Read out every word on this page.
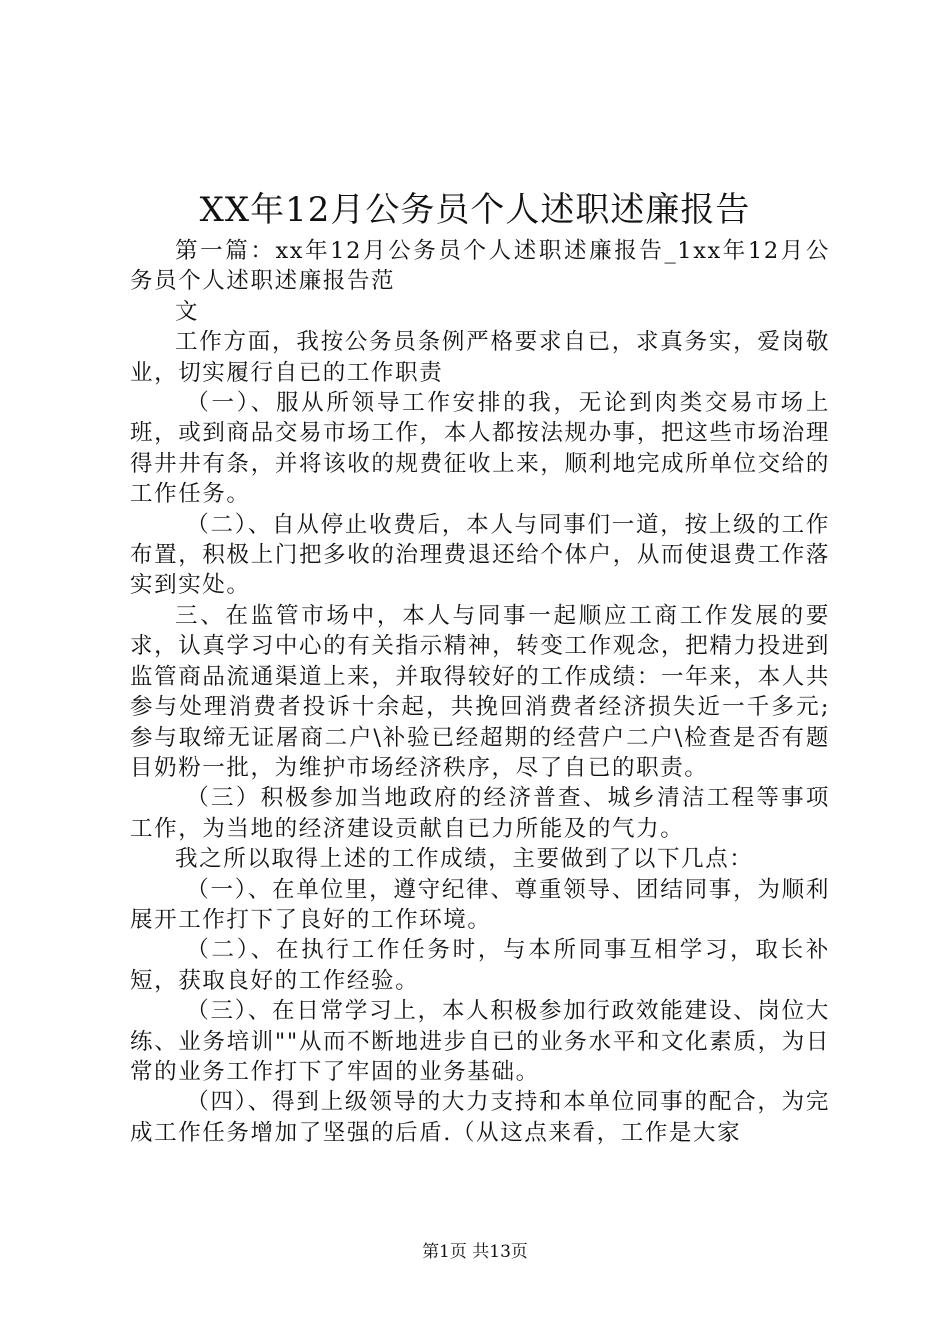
XX年12月公务员个人述职述廉报告

第一篇：xx年12月公务员个人述职述廉报告_1xx年12月公务员个人述职述廉报告范

文

工作方面，我按公务员条例严格要求自已，求真务实，爱岗敬业，切实履行自已的工作职责

（一）、服从所领导工作安排的我，无论到肉类交易市场上班，或到商品交易市场工作，本人都按法规办事，把这些市场治理得井井有条，并将该收的规费征收上来，顺利地完成所单位交给的工作任务。

（二）、自从停止收费后，本人与同事们一道，按上级的工作布置，积极上门把多收的治理费退还给个体户，从而使退费工作落实到实处。

三、在监管市场中，本人与同事一起顺应工商工作发展的要求，认真学习中心的有关指示精神，转变工作观念，把精力投进到监管商品流通渠道上来，并取得较好的工作成绩：一年来，本人共参与处理消费者投诉十余起，共挽回消费者经济损失近一千多元;参与取缔无证屠商二户\补验已经超期的经营户二户\检查是否有题目奶粉一批，为维护市场经济秩序，尽了自已的职责。

（三）积极参加当地政府的经济普查、城乡清洁工程等事项工作，为当地的经济建设贡献自已力所能及的气力。

我之所以取得上述的工作成绩，主要做到了以下几点：

（一）、在单位里，遵守纪律、尊重领导、团结同事，为顺利展开工作打下了良好的工作环境。

（二）、在执行工作任务时，与本所同事互相学习，取长补短，获取良好的工作经验。

（三）、在日常学习上，本人积极参加行政效能建设、岗位大练、业务培训""从而不断地进步自已的业务水平和文化素质，为日常的业务工作打下了牢固的业务基础。

（四）、得到上级领导的大力支持和本单位同事的配合，为完成工作任务增加了坚强的后盾.（从这点来看，工作是大家

第1页 共13页
